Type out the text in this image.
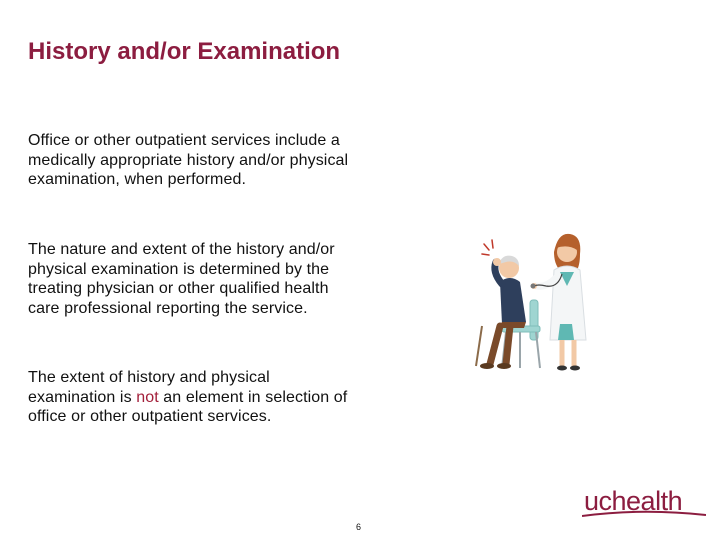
History and/or Examination
Office or other outpatient services include a medically appropriate history and/or physical examination, when performed.
The nature and extent of the history and/or physical examination is determined by the treating physician or other qualified health care professional reporting the service.
The extent of history and physical examination is not an element in selection of office or other outpatient services.
6
uchealth
